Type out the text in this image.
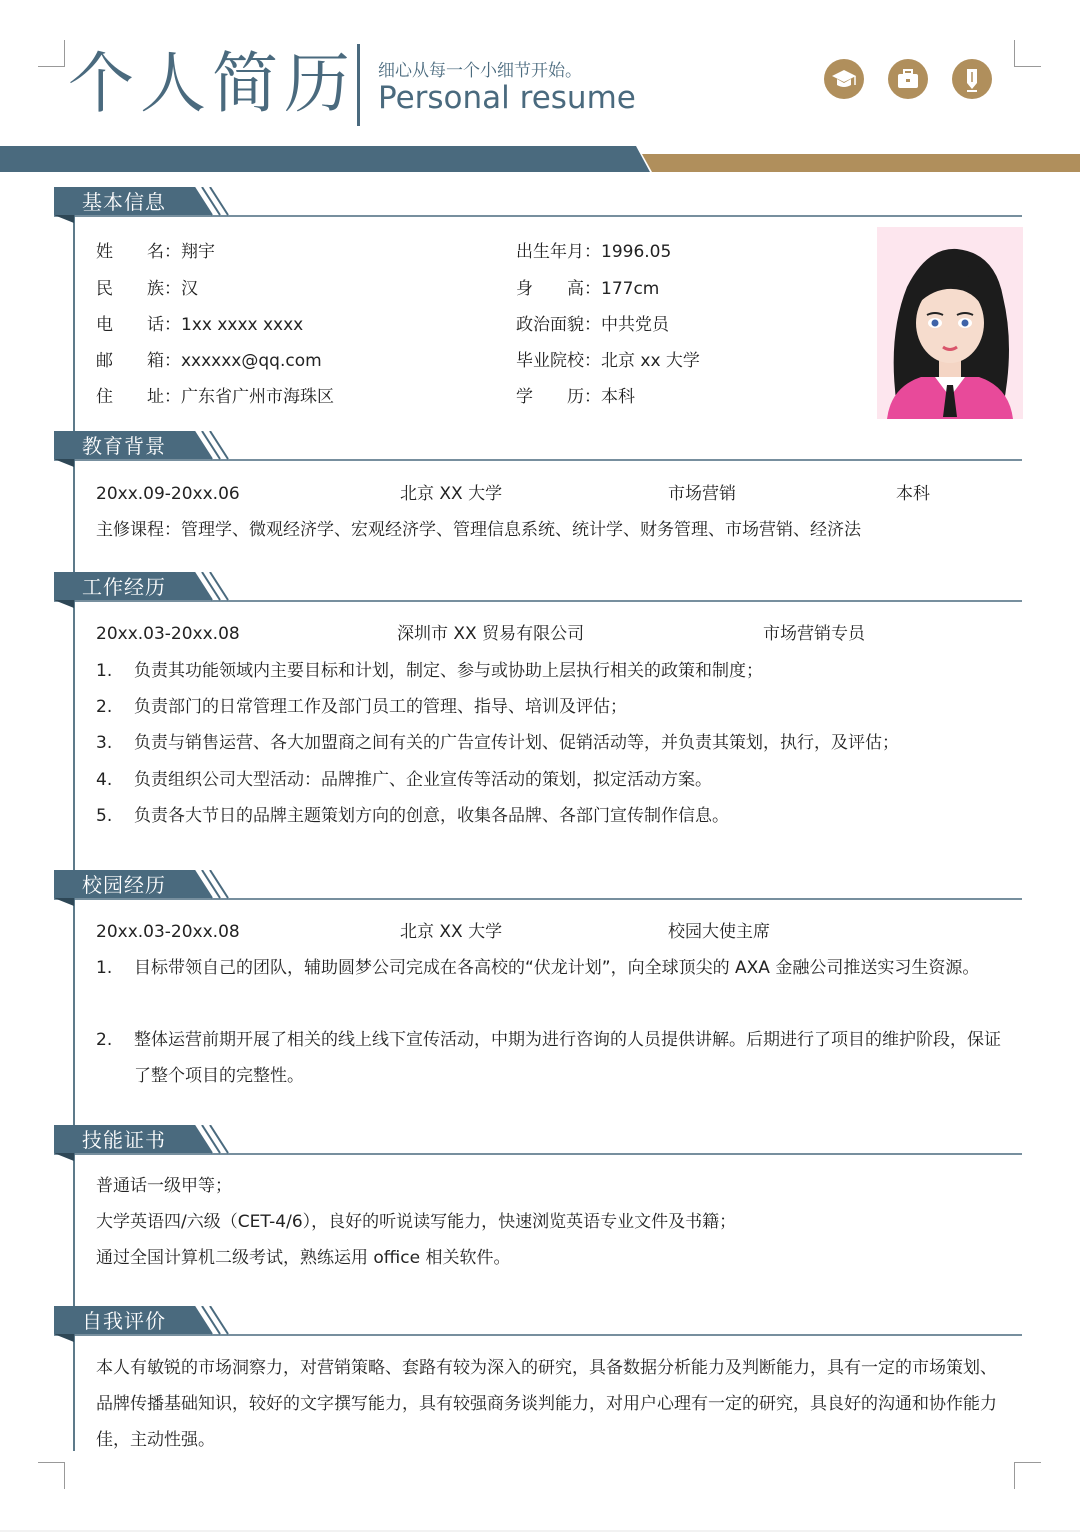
个人简历 细心从每一个小细节开始。
Personal resume
基本信息
姓　　名：翔宇
民　　族：汉
电　　话：1xx xxxx xxxx
邮　　箱：xxxxxx@qq.com
住　　址：广东省广州市海珠区
出生年月：1996.05
身　　高：177cm
政治面貌：中共党员
毕业院校：北京 xx 大学
学　　历：本科
教育背景
20xx.09-20xx.06	北京 XX 大学	市场营销	本科
主修课程：管理学、微观经济学、宏观经济学、管理信息系统、统计学、财务管理、市场营销、经济法
工作经历
20xx.03-20xx.08	深圳市 XX 贸易有限公司	市场营销专员
1. 负责其功能领域内主要目标和计划，制定、参与或协助上层执行相关的政策和制度；
2. 负责部门的日常管理工作及部门员工的管理、指导、培训及评估；
3. 负责与销售运营、各大加盟商之间有关的广告宣传计划、促销活动等，并负责其策划，执行，及评估；
4. 负责组织公司大型活动：品牌推广、企业宣传等活动的策划，拟定活动方案。
5. 负责各大节日的品牌主题策划方向的创意，收集各品牌、各部门宣传制作信息。
校园经历
20xx.03-20xx.08	北京 XX 大学	校园大使主席
1. 目标带领自己的团队，辅助圆梦公司完成在各高校的“伏龙计划”，向全球顶尖的 AXA 金融公司推送实习生资源。
2. 整体运营前期开展了相关的线上线下宣传活动，中期为进行咨询的人员提供讲解。后期进行了项目的维护阶段，保证了整个项目的完整性。
技能证书
普通话一级甲等；
大学英语四/六级（CET-4/6），良好的听说读写能力，快速浏览英语专业文件及书籍；
通过全国计算机二级考试，熟练运用 office 相关软件。
自我评价
本人有敏锐的市场洞察力，对营销策略、套路有较为深入的研究，具备数据分析能力及判断能力，具有一定的市场策划、品牌传播基础知识，较好的文字撰写能力，具有较强商务谈判能力，对用户心理有一定的研究，具良好的沟通和协作能力佳，主动性强。
